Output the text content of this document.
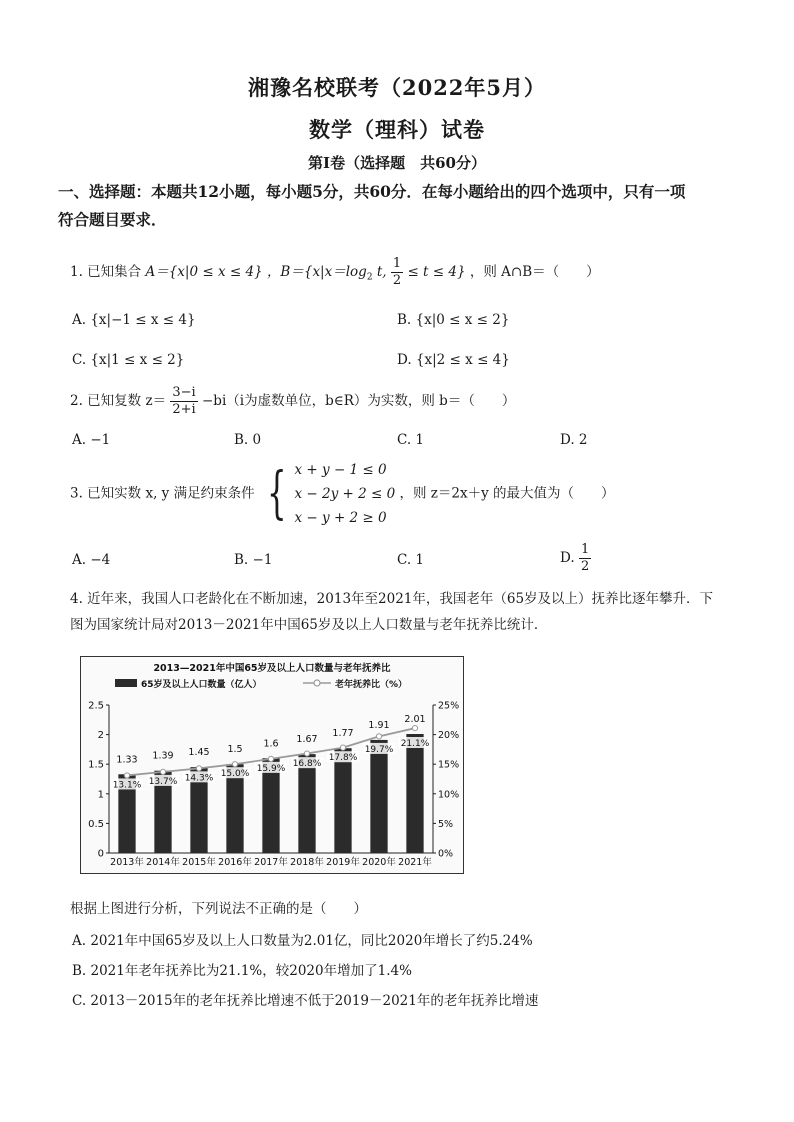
湘豫名校联考（2022年5月）
数学（理科）试卷
第Ⅰ卷（选择题　共60分）
一、选择题：本题共12小题，每小题5分，共60分．在每小题给出的四个选项中，只有一项
符合题目要求．
1. 已知集合 A＝{x|0 ≤ x ≤ 4} ，$B=\{x|x=\log_2$ t, $\frac{1}{2} \le t \le 4$} ，则 A∩B＝（　　）
A. {x|−1 ≤ x ≤ 4}	B. {x|0 ≤ x ≤ 2}
C. {x|1 ≤ x ≤ 2}	D. {x|2 ≤ x ≤ 4}
2. 已知复数 $z= \frac{3-i}{2+i} -bi(i$为虚数单位，b∈R）为实数，则 b＝（　　）
A. −1	B. 0	C. 1	D. 2
3. 已知实数 x, y 满足约束条件 { x + y − 1 ≤ 0
x − 2y + 2 ≤ 0
x − y + 2 ≥ 0
，则 z＝2x＋y 的最大值为（　　）
A. −4	B. −1	C. 1	D. $\frac{1}{2}$
4. 近年来，我国人口老龄化在不断加速，2013年至2021年，我国老年（65岁及以上）抚养比逐年攀升．下
图为国家统计局对2013－2021年中国65岁及以上人口数量与老年抚养比统计．
2013—2021年中国65岁及以上人口数量与老年抚养比
65岁及以上人口数量（亿人）	老年抚养比（%）
0
0.5
1
1.5
2
2.5
0%
5%
10%
15%
20%
25%
1.33
2013年
1.39
2014年
1.45
2015年
1.5
2016年
1.6
2017年
1.67
2018年
1.77
2019年
1.91
2020年
2.01
2021年
13.1% 13.7% 14.3% 15.0%
15.9% 16.8%
17.8%
19.7%
21.1%
根据上图进行分析，下列说法不正确的是（　　）
A. 2021年中国65岁及以上人口数量为2.01亿，同比2020年增长了约5.24%
B. 2021年老年抚养比为21.1%，较2020年增加了1.4%
C. 2013－2015年的老年抚养比增速不低于2019－2021年的老年抚养比增速
